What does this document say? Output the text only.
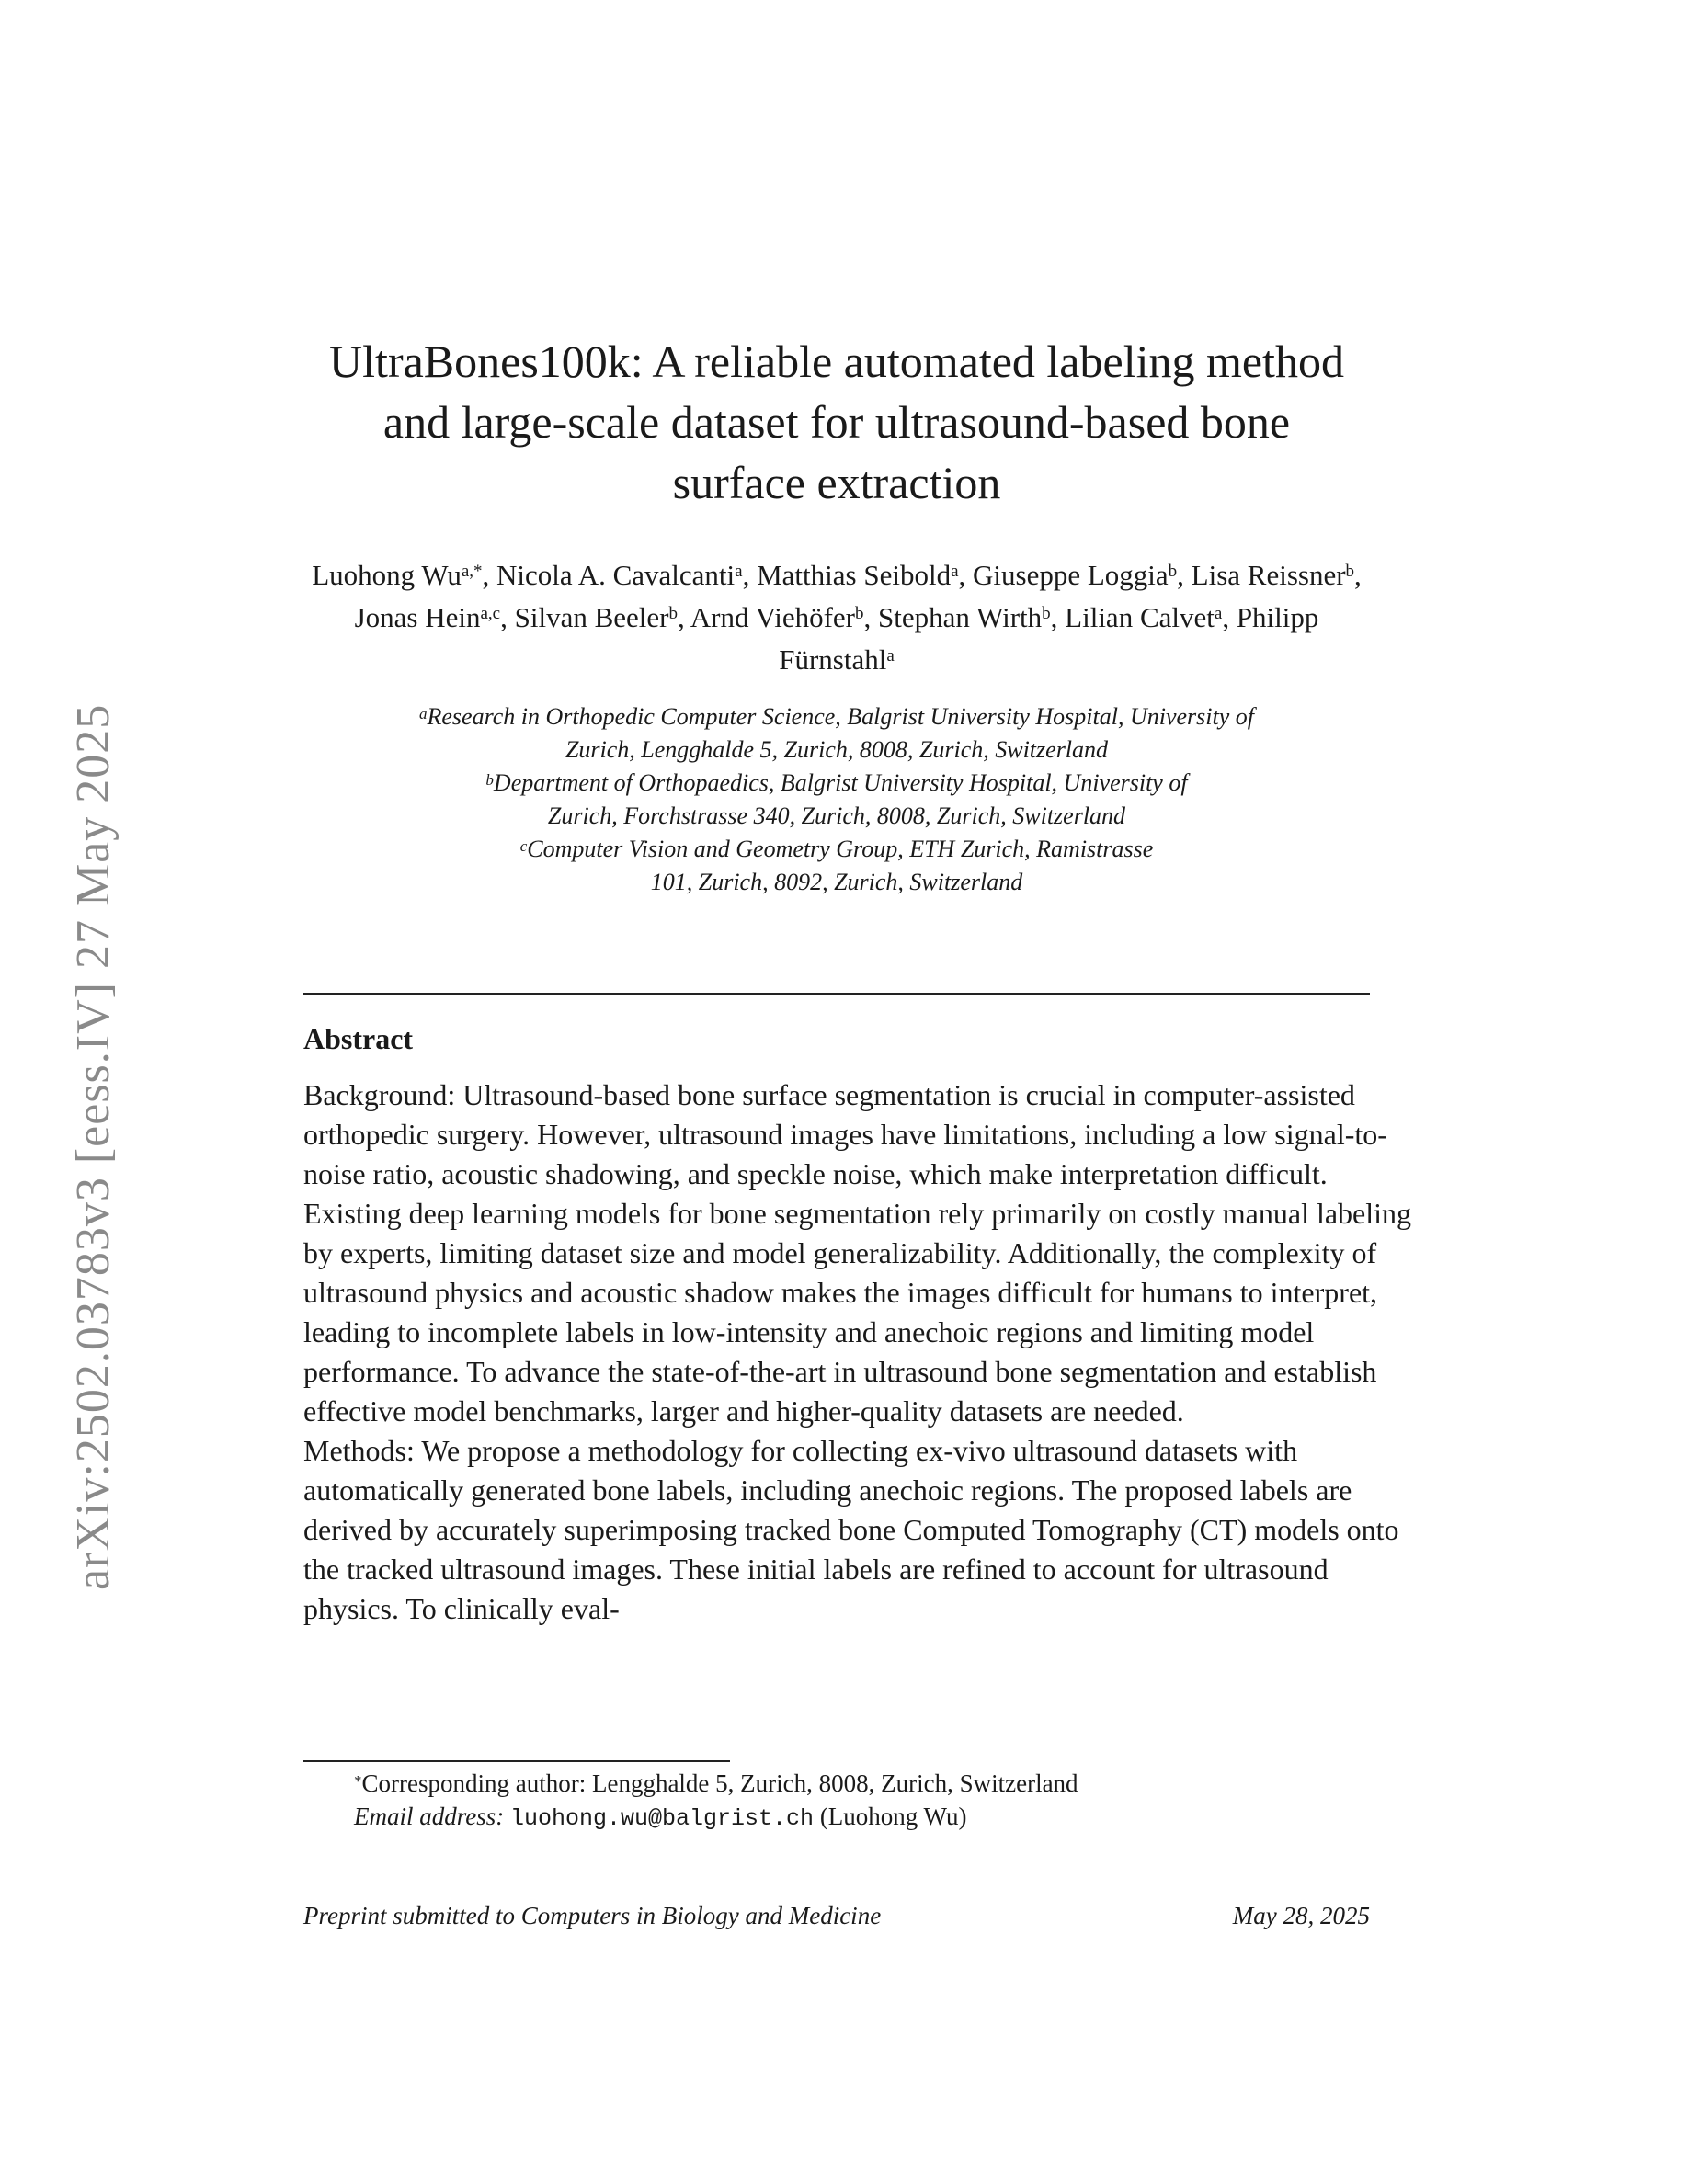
arXiv:2502.03783v3 [eess.IV] 27 May 2025
UltraBones100k: A reliable automated labeling method
and large-scale dataset for ultrasound-based bone
surface extraction
Luohong $Wu^{a,*}$, Nicola A. Cavalcanti$^a$, Matthias Seibold$^a$, Giuseppe Loggia$^b$, Lisa Reissner$^b$, Jonas Hein$^{a,c}$, Silvan Beeler$^b$, Arnd Viehöfer$^b$, Stephan Wirth$^b$, Lilian Calvet$^a$, Philipp Fürnstahl$^a$
$^a$Research in Orthopedic Computer Science, Balgrist University Hospital, University of
Zurich, Lengghalde 5, Zurich, 8008, Zurich, Switzerland
$^b$Department of Orthopaedics, Balgrist University Hospital, University of
Zurich, Forchstrasse 340, Zurich, 8008, Zurich, Switzerland
$^c$Computer Vision and Geometry Group, ETH Zurich, Ramistrasse
101, Zurich, 8092, Zurich, Switzerland
Abstract

Background: Ultrasound-based bone surface segmentation is crucial in computer-assisted orthopedic surgery. However, ultrasound images have limitations, including a low signal-to-noise ratio, acoustic shadowing, and speckle noise, which make interpretation difficult. Existing deep learning models for bone segmentation rely primarily on costly manual labeling by experts, limiting dataset size and model generalizability. Additionally, the complexity of ultrasound physics and acoustic shadow makes the images difficult for humans to interpret, leading to incomplete labels in low-intensity and anechoic regions and limiting model performance. To advance the state-of-the-art in ultrasound bone segmentation and establish effective model benchmarks, larger and higher-quality datasets are needed.

Methods: We propose a methodology for collecting ex-vivo ultrasound datasets with automatically generated bone labels, including anechoic regions. The proposed labels are derived by accurately superimposing tracked bone Computed Tomography (CT) models onto the tracked ultrasound images. These initial labels are refined to account for ultrasound physics. To clinically eval-

*Corresponding author: Lengghalde 5, Zurich, 8008, Zurich, Switzerland
Email address: luohong.wu@balgrist.ch (Luohong Wu)
Preprint submitted to Computers in Biology and Medicine	May 28, 2025
